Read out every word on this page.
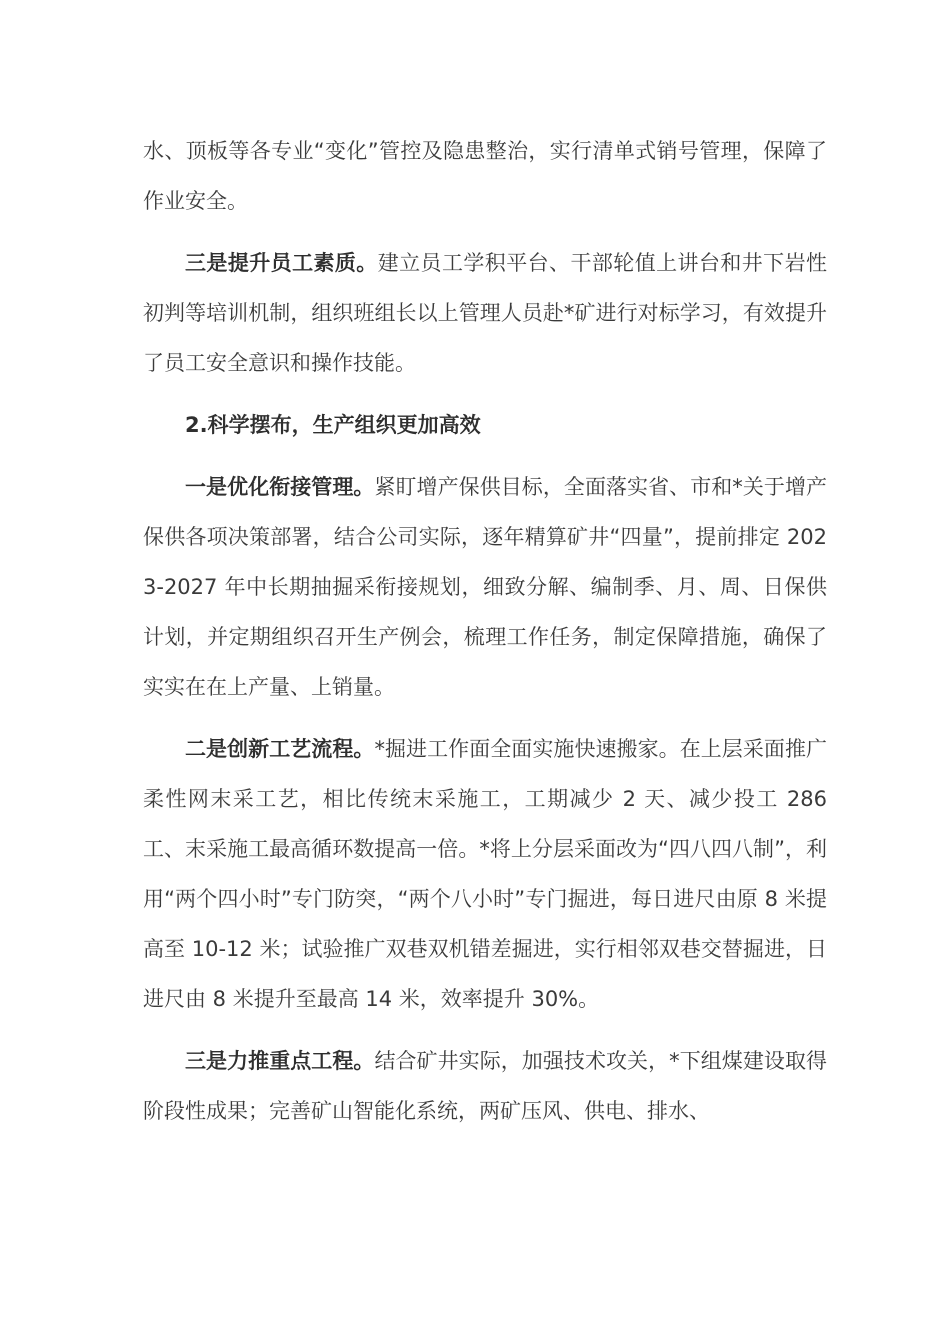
水、顶板等各专业“变化”管控及隐患整治，实行清单式销号管理，保障了作业安全。

三是提升员工素质。建立员工学积平台、干部轮值上讲台和井下岩性初判等培训机制，组织班组长以上管理人员赴*矿进行对标学习，有效提升了员工安全意识和操作技能。

2.科学摆布，生产组织更加高效

一是优化衔接管理。紧盯增产保供目标，全面落实省、市和*关于增产保供各项决策部署，结合公司实际，逐年精算矿井“四量”，提前排定 2023-2027 年中长期抽掘采衔接规划，细致分解、编制季、月、周、日保供计划，并定期组织召开生产例会，梳理工作任务，制定保障措施，确保了实实在在上产量、上销量。

二是创新工艺流程。*掘进工作面全面实施快速搬家。在上层采面推广柔性网末采工艺，相比传统末采施工，工期减少 2 天、减少投工 286 工、末采施工最高循环数提高一倍。*将上分层采面改为“四八四八制”，利用“两个四小时”专门防突，“两个八小时”专门掘进，每日进尺由原 8 米提高至 10-12 米；试验推广双巷双机错差掘进，实行相邻双巷交替掘进，日进尺由 8 米提升至最高 14 米，效率提升 30%。

三是力推重点工程。结合矿井实际，加强技术攻关，*下组煤建设取得阶段性成果；完善矿山智能化系统，两矿压风、供电、排水、
